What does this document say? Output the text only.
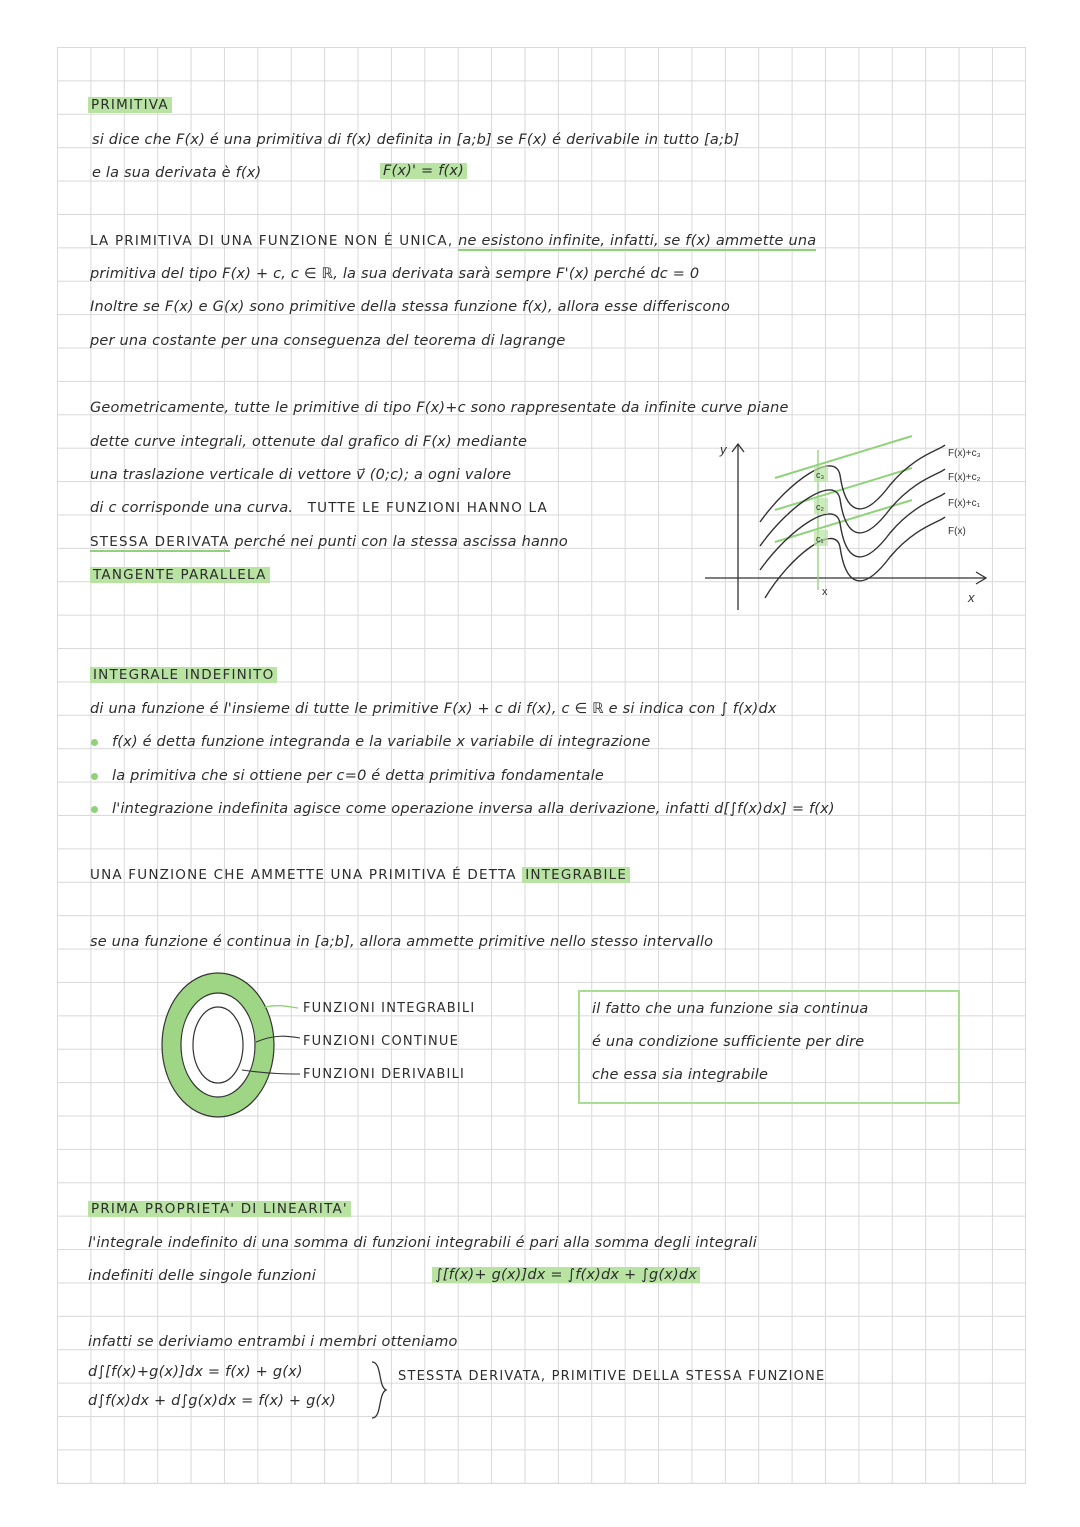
PRIMITIVA
si dice che F(x) é una primitiva di f(x) definita in [a;b] se F(x) é derivabile in tutto [a;b]
e la sua derivata è f(x)	F(x)' = f(x)
LA PRIMITIVA DI UNA FUNZIONE NON É UNICA, ne esistono infinite, infatti, se f(x) ammette una
primitiva del tipo F(x) + c, c ∈ ℝ, la sua derivata sarà sempre F'(x) perché dc = 0
Inoltre se F(x) e G(x) sono primitive della stessa funzione f(x), allora esse differiscono
per una costante per una conseguenza del teorema di lagrange
Geometricamente, tutte le primitive di tipo F(x)+c sono rappresentate da infinite curve piane
dette curve integrali, ottenute dal grafico di F(x) mediante
una traslazione verticale di vettore v⃗ (0;c); a ogni valore
di c corrisponde una curva. TUTTE LE FUNZIONI HANNO LA
STESSA DERIVATA perché nei punti con la stessa ascissa hanno
TANGENTE PARALLELA
y
x
x
c₃
c₂
c₁
F(x)+c₃
F(x)+c₂
F(x)+c₁
F(x)
INTEGRALE INDEFINITO
di una funzione é l'insieme di tutte le primitive F(x) + c di f(x), c ∈ ℝ e si indica con ∫ f(x)dx
f(x) é detta funzione integranda e la variabile x variabile di integrazione
la primitiva che si ottiene per c=0 é detta primitiva fondamentale
l'integrazione indefinita agisce come operazione inversa alla derivazione, infatti d[∫f(x)dx] = f(x)
UNA FUNZIONE CHE AMMETTE UNA PRIMITIVA É DETTA INTEGRABILE
se una funzione é continua in [a;b], allora ammette primitive nello stesso intervallo
FUNZIONI INTEGRABILI
FUNZIONI CONTINUE
FUNZIONI DERIVABILI
il fatto che una funzione sia continua
é una condizione sufficiente per dire
che essa sia integrabile
PRIMA PROPRIETA' DI LINEARITA'
l'integrale indefinito di una somma di funzioni integrabili é pari alla somma degli integrali
indefiniti delle singole funzioni	∫[f(x)+ g(x)]dx = ∫f(x)dx + ∫g(x)dx
infatti se deriviamo entrambi i membri otteniamo
d∫[f(x)+g(x)]dx = f(x) + g(x)
d∫f(x)dx + d∫g(x)dx = f(x) + g(x)
STESSTA DERIVATA, PRIMITIVE DELLA STESSA FUNZIONE
